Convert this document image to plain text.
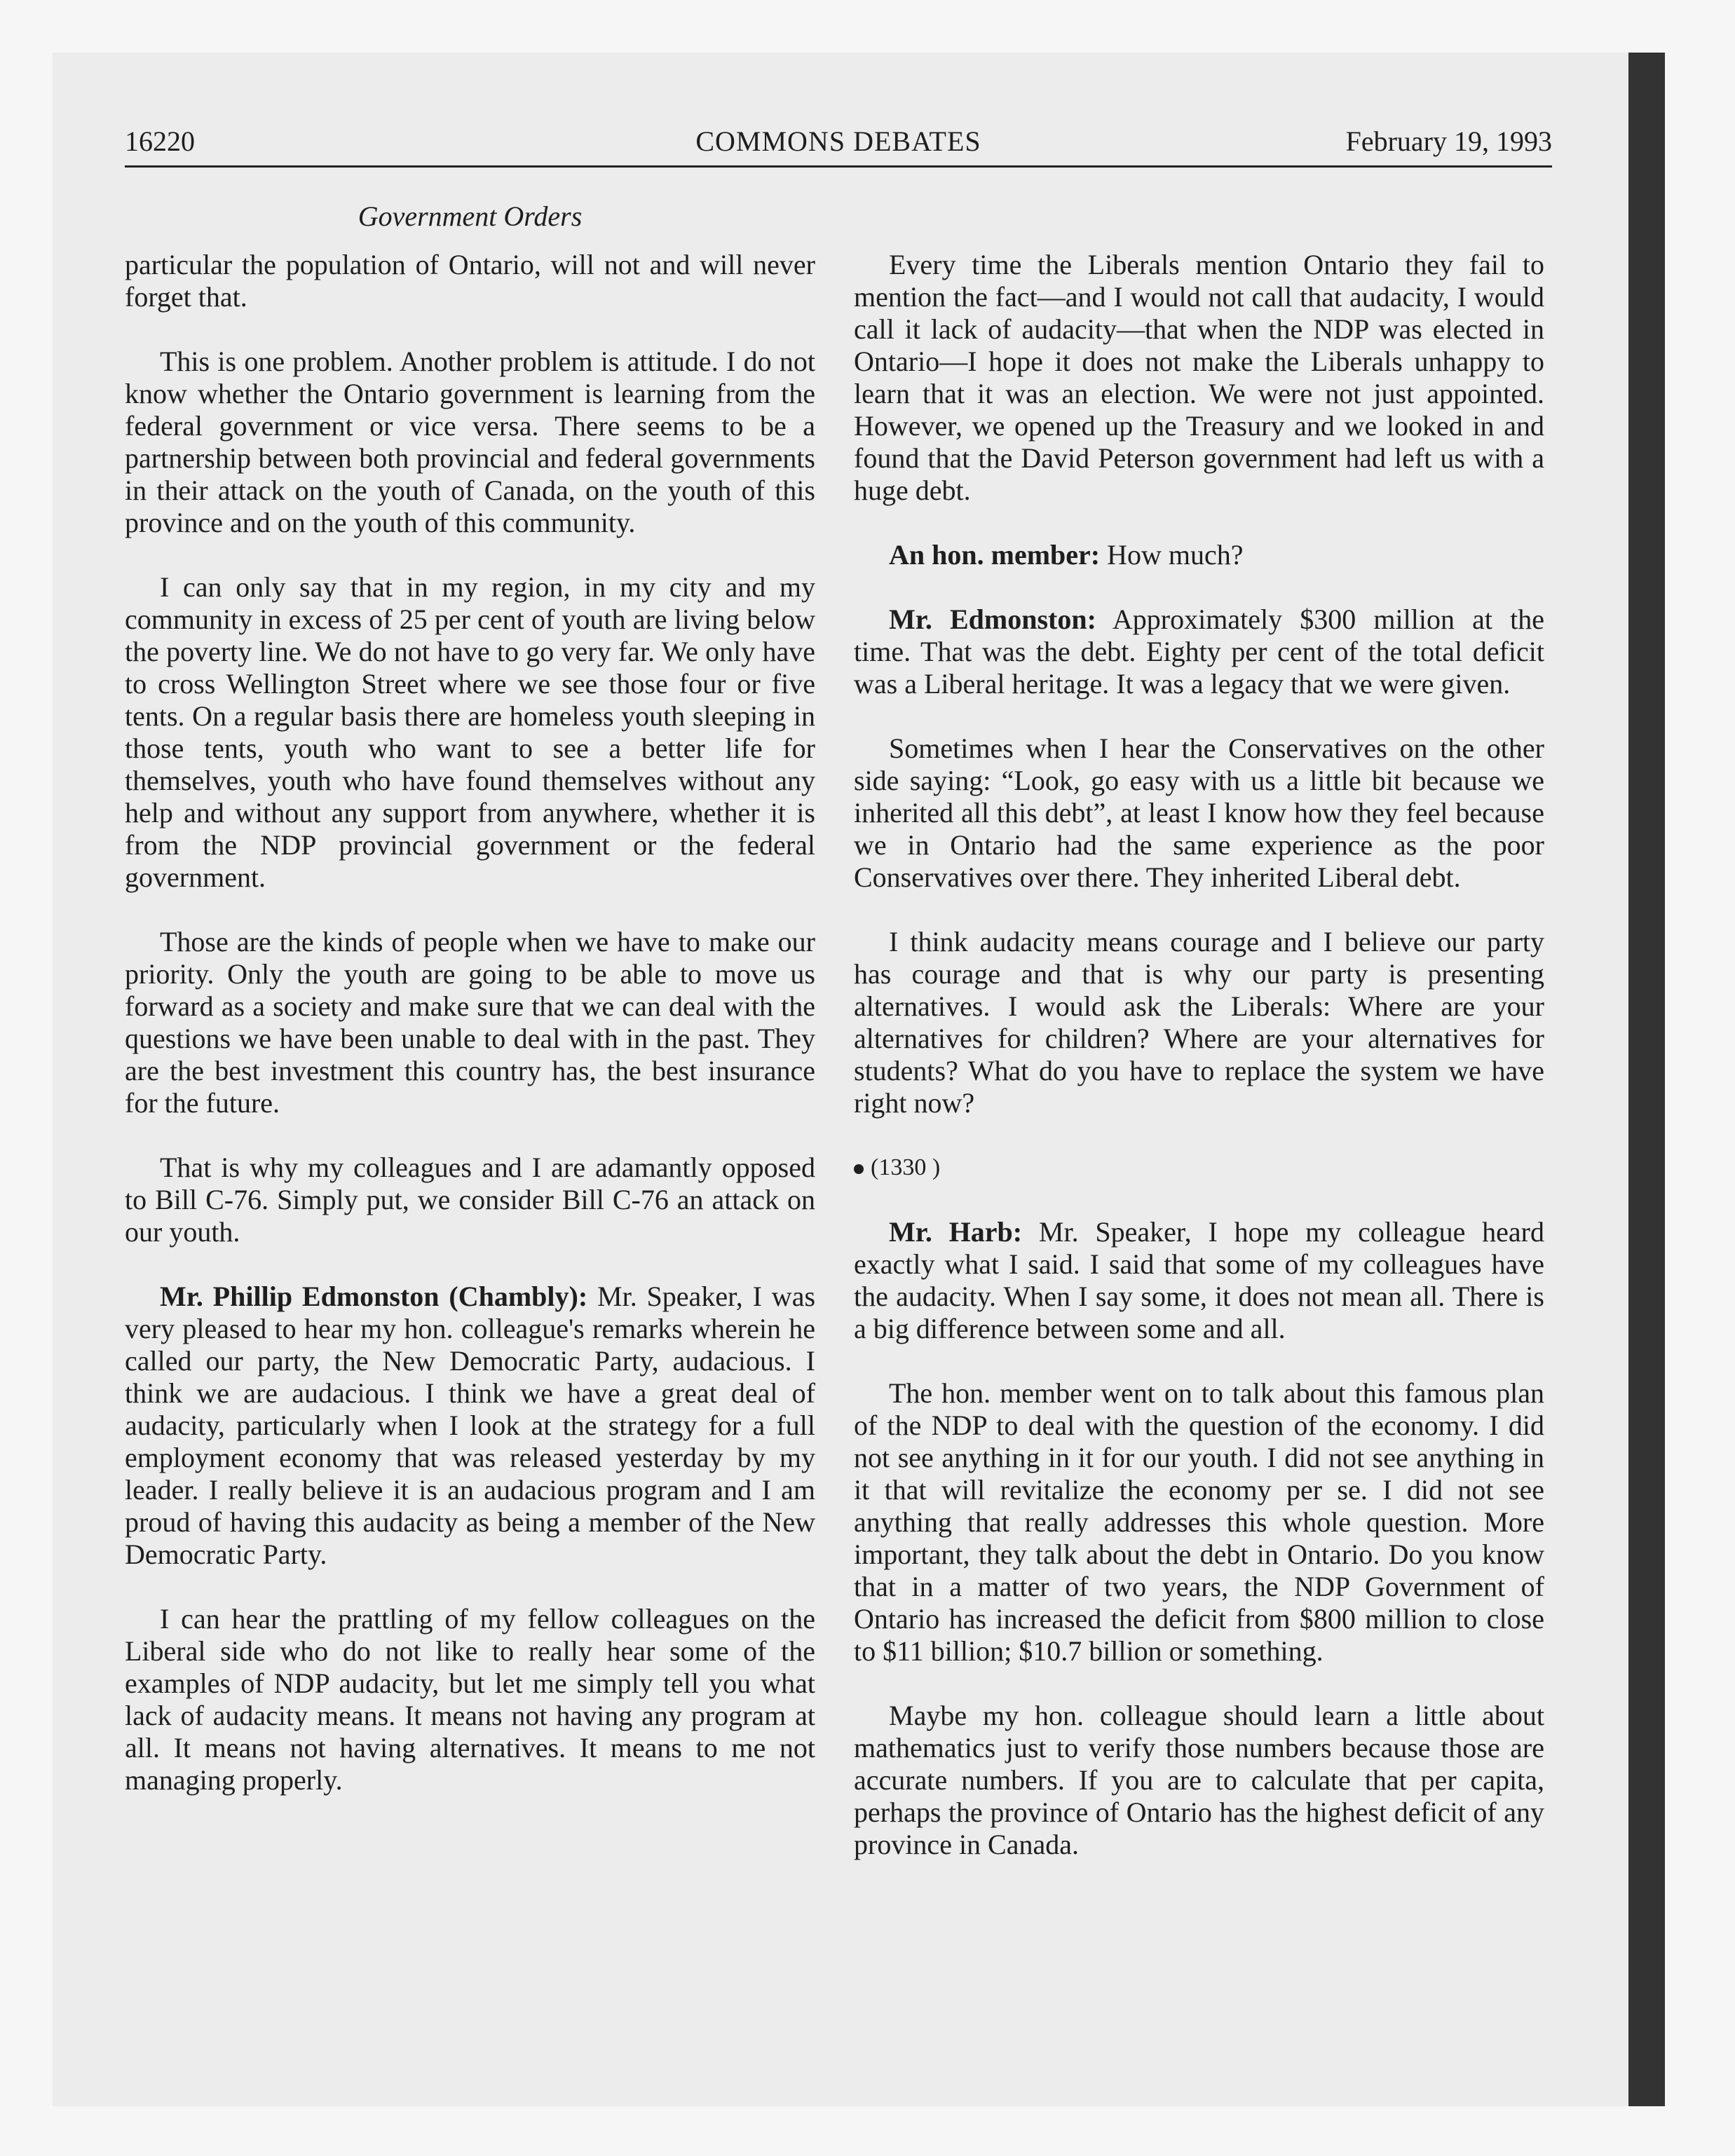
16220	COMMONS DEBATES	February 19, 1993
Government Orders

particular the population of Ontario, will not and will never forget that.

This is one problem. Another problem is attitude. I do not know whether the Ontario government is learning from the federal government or vice versa. There seems to be a partnership between both provincial and federal governments in their attack on the youth of Canada, on the youth of this province and on the youth of this community.

I can only say that in my region, in my city and my community in excess of 25 per cent of youth are living below the poverty line. We do not have to go very far. We only have to cross Wellington Street where we see those four or five tents. On a regular basis there are homeless youth sleeping in those tents, youth who want to see a better life for themselves, youth who have found themselves without any help and without any support from anywhere, whether it is from the NDP provincial government or the federal government.

Those are the kinds of people when we have to make our priority. Only the youth are going to be able to move us forward as a society and make sure that we can deal with the questions we have been unable to deal with in the past. They are the best investment this country has, the best insurance for the future.

That is why my colleagues and I are adamantly opposed to Bill C-76. Simply put, we consider Bill C-76 an attack on our youth.

Mr. Phillip Edmonston (Chambly): Mr. Speaker, I was very pleased to hear my hon. colleague's remarks wherein he called our party, the New Democratic Party, audacious. I think we are audacious. I think we have a great deal of audacity, particularly when I look at the strategy for a full employment economy that was released yesterday by my leader. I really believe it is an audacious program and I am proud of having this audacity as being a member of the New Democratic Party.

I can hear the prattling of my fellow colleagues on the Liberal side who do not like to really hear some of the examples of NDP audacity, but let me simply tell you what lack of audacity means. It means not having any program at all. It means not having alternatives. It means to me not managing properly.

Every time the Liberals mention Ontario they fail to mention the fact—and I would not call that audacity, I would call it lack of audacity—that when the NDP was elected in Ontario—I hope it does not make the Liberals unhappy to learn that it was an election. We were not just appointed. However, we opened up the Treasury and we looked in and found that the David Peterson government had left us with a huge debt.

An hon. member: How much?

Mr. Edmonston: Approximately $300 million at the time. That was the debt. Eighty per cent of the total deficit was a Liberal heritage. It was a legacy that we were given.

Sometimes when I hear the Conservatives on the other side saying: “Look, go easy with us a little bit because we inherited all this debt”, at least I know how they feel because we in Ontario had the same experience as the poor Conservatives over there. They inherited Liberal debt.

I think audacity means courage and I believe our party has courage and that is why our party is presenting alternatives. I would ask the Liberals: Where are your alternatives for children? Where are your alternatives for students? What do you have to replace the system we have right now?

(1330 )

Mr. Harb: Mr. Speaker, I hope my colleague heard exactly what I said. I said that some of my colleagues have the audacity. When I say some, it does not mean all. There is a big difference between some and all.

The hon. member went on to talk about this famous plan of the NDP to deal with the question of the economy. I did not see anything in it for our youth. I did not see anything in it that will revitalize the economy per se. I did not see anything that really addresses this whole question. More important, they talk about the debt in Ontario. Do you know that in a matter of two years, the NDP Government of Ontario has increased the deficit from $800 million to close to $11 billion; $10.7 billion or something.

Maybe my hon. colleague should learn a little about mathematics just to verify those numbers because those are accurate numbers. If you are to calculate that per capita, perhaps the province of Ontario has the highest deficit of any province in Canada.
